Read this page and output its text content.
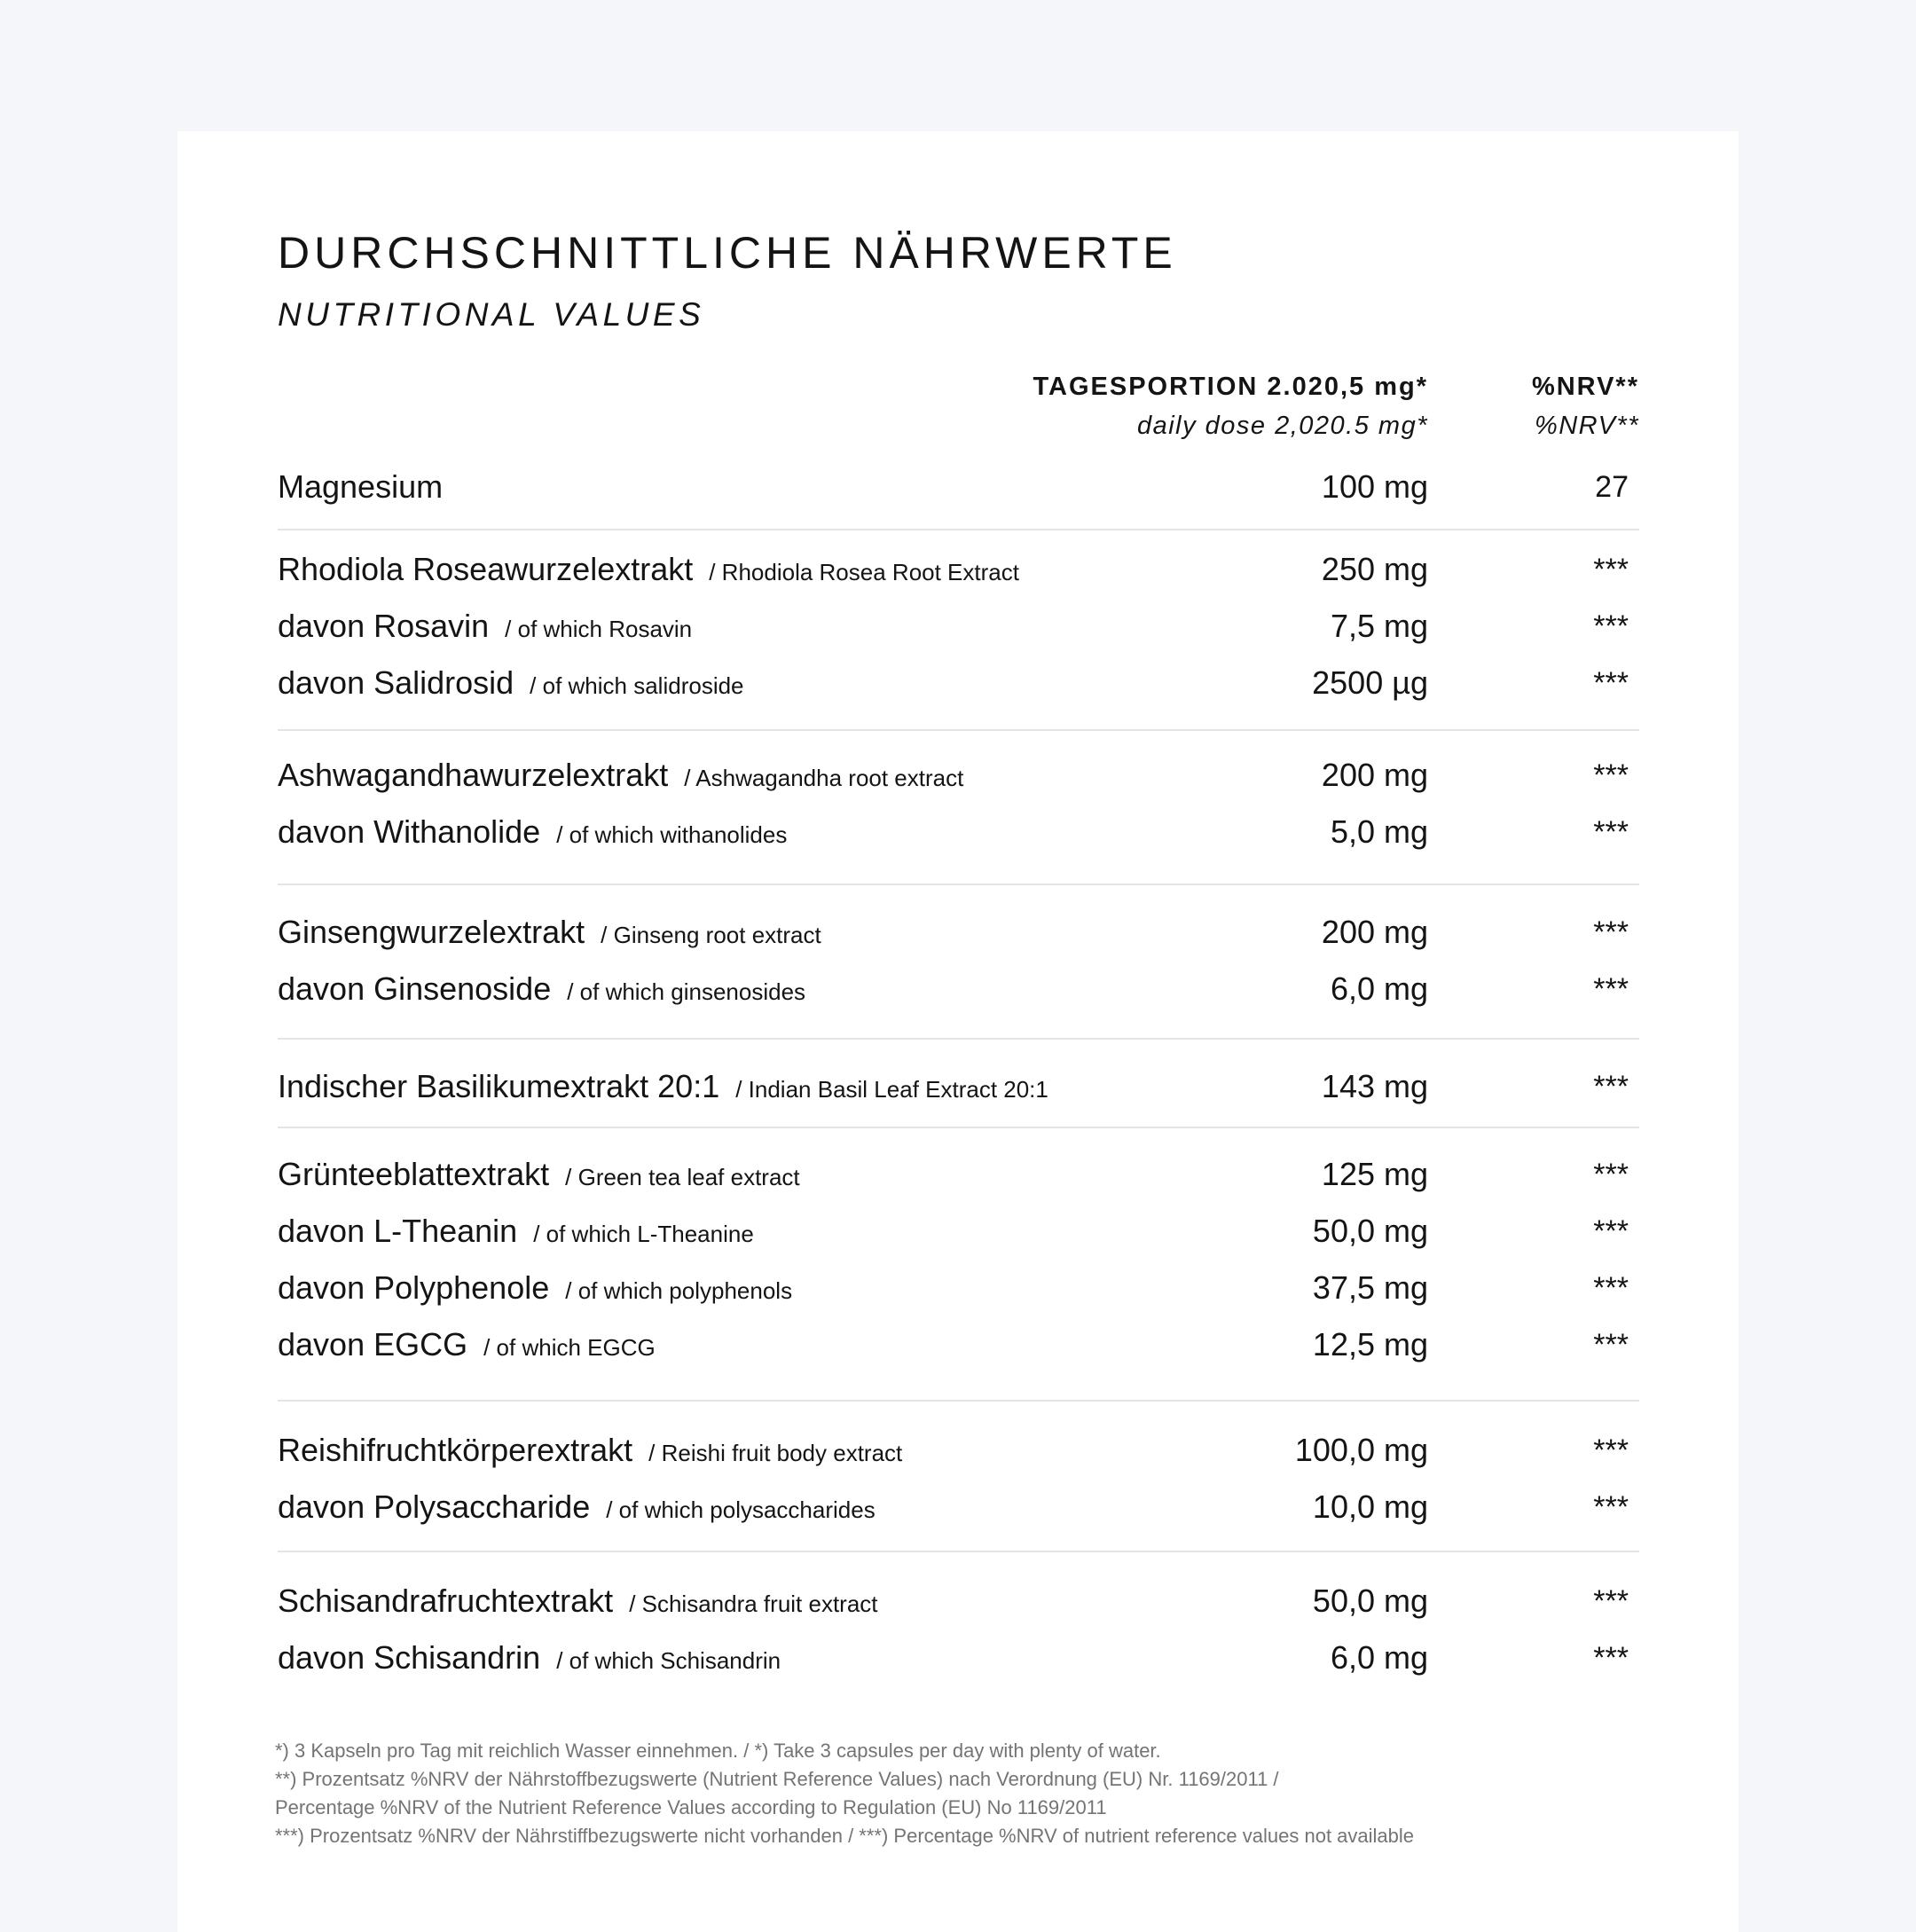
DURCHSCHNITTLICHE NÄHRWERTE
NUTRITIONAL VALUES
TAGESPORTION 2.020,5 mg*
daily dose 2,020.5 mg*
%NRV**
%NRV**
Magnesium	100 mg	27
Rhodiola Roseawurzelextrakt / Rhodiola Rosea Root Extract	250 mg	***
davon Rosavin / of which Rosavin	7,5 mg	***
davon Salidrosid / of which salidroside	2500 µg	***
Ashwagandhawurzelextrakt / Ashwagandha root extract	200 mg	***
davon Withanolide / of which withanolides	5,0 mg	***
Ginsengwurzelextrakt / Ginseng root extract	200 mg	***
davon Ginsenoside / of which ginsenosides	6,0 mg	***
Indischer Basilikumextrakt 20:1 / Indian Basil Leaf Extract 20:1	143 mg	***
Grünteeblattextrakt / Green tea leaf extract	125 mg	***
davon L-Theanin / of which L-Theanine	50,0 mg	***
davon Polyphenole / of which polyphenols	37,5 mg	***
davon EGCG / of which EGCG	12,5 mg	***
Reishifruchtkörperextrakt / Reishi fruit body extract	100,0 mg	***
davon Polysaccharide / of which polysaccharides	10,0 mg	***
Schisandrafruchtextrakt / Schisandra fruit extract	50,0 mg	***
davon Schisandrin / of which Schisandrin	6,0 mg	***
*) 3 Kapseln pro Tag mit reichlich Wasser einnehmen. / *) Take 3 capsules per day with plenty of water.
**) Prozentsatz %NRV der Nährstoffbezugswerte (Nutrient Reference Values) nach Verordnung (EU) Nr. 1169/2011 /
Percentage %NRV of the Nutrient Reference Values according to Regulation (EU) No 1169/2011
***) Prozentsatz %NRV der Nährstiffbezugswerte nicht vorhanden / ***) Percentage %NRV of nutrient reference values not available
